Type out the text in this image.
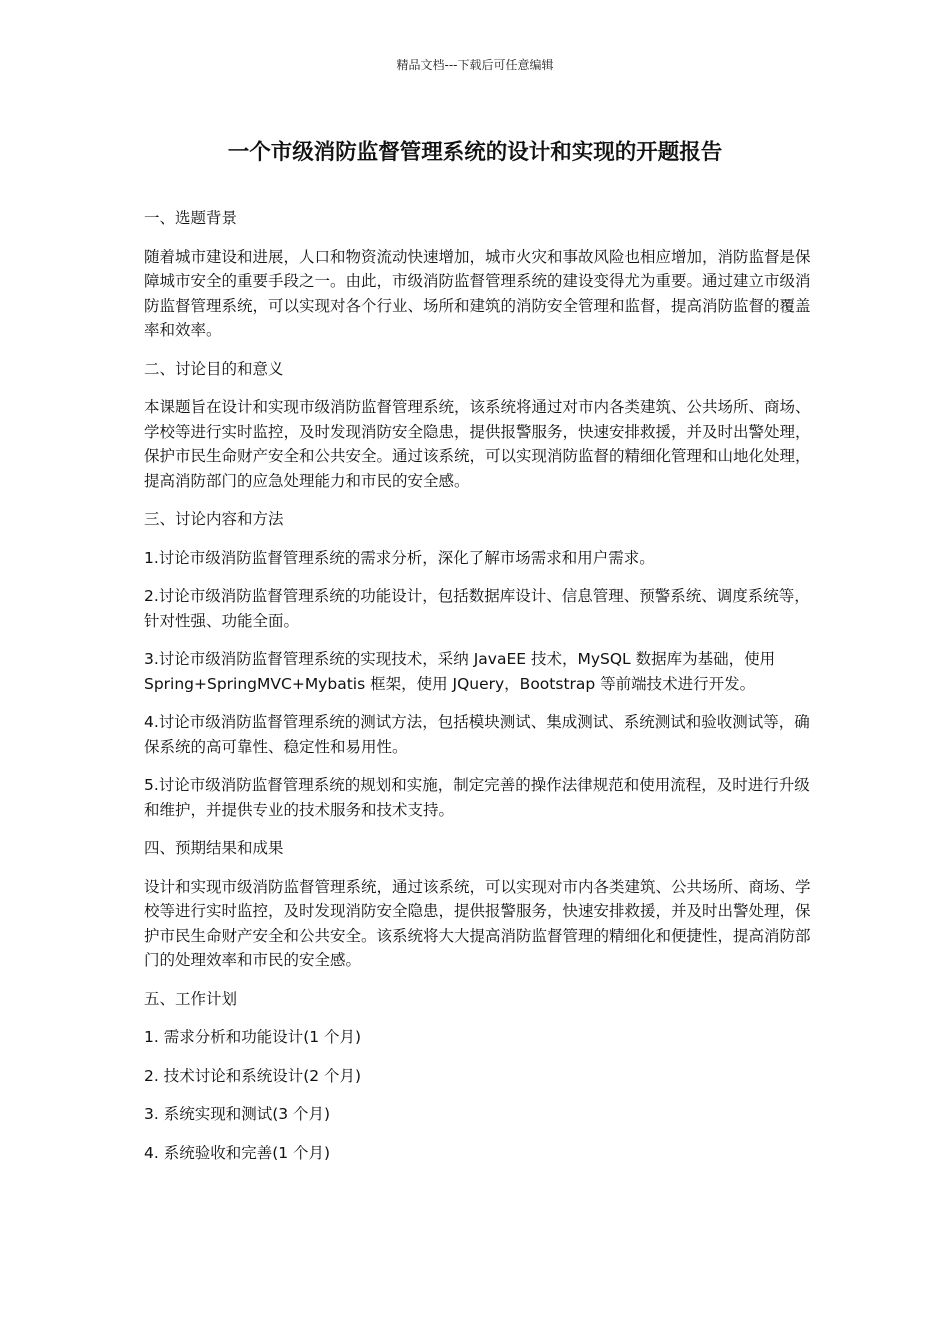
精品文档---下载后可任意编辑
一个市级消防监督管理系统的设计和实现的开题报告

一、选题背景

随着城市建设和进展，人口和物资流动快速增加，城市火灾和事故风险也相应增加，消防监督是保障城市安全的重要手段之一。由此，市级消防监督管理系统的建设变得尤为重要。通过建立市级消防监督管理系统，可以实现对各个行业、场所和建筑的消防安全管理和监督，提高消防监督的覆盖率和效率。

二、讨论目的和意义

本课题旨在设计和实现市级消防监督管理系统，该系统将通过对市内各类建筑、公共场所、商场、学校等进行实时监控，及时发现消防安全隐患，提供报警服务，快速安排救援，并及时出警处理，保护市民生命财产安全和公共安全。通过该系统，可以实现消防监督的精细化管理和山地化处理，提高消防部门的应急处理能力和市民的安全感。

三、讨论内容和方法

1.讨论市级消防监督管理系统的需求分析，深化了解市场需求和用户需求。

2.讨论市级消防监督管理系统的功能设计，包括数据库设计、信息管理、预警系统、调度系统等，针对性强、功能全面。

3.讨论市级消防监督管理系统的实现技术，采纳 JavaEE 技术，MySQL 数据库为基础，使用 Spring+SpringMVC+Mybatis 框架，使用 JQuery，Bootstrap 等前端技术进行开发。

4.讨论市级消防监督管理系统的测试方法，包括模块测试、集成测试、系统测试和验收测试等，确保系统的高可靠性、稳定性和易用性。

5.讨论市级消防监督管理系统的规划和实施，制定完善的操作法律规范和使用流程，及时进行升级和维护，并提供专业的技术服务和技术支持。

四、预期结果和成果

设计和实现市级消防监督管理系统，通过该系统，可以实现对市内各类建筑、公共场所、商场、学校等进行实时监控，及时发现消防安全隐患，提供报警服务，快速安排救援，并及时出警处理，保护市民生命财产安全和公共安全。该系统将大大提高消防监督管理的精细化和便捷性，提高消防部门的处理效率和市民的安全感。

五、工作计划

1. 需求分析和功能设计(1 个月)

2. 技术讨论和系统设计(2 个月)

3. 系统实现和测试(3 个月)

4. 系统验收和完善(1 个月)
